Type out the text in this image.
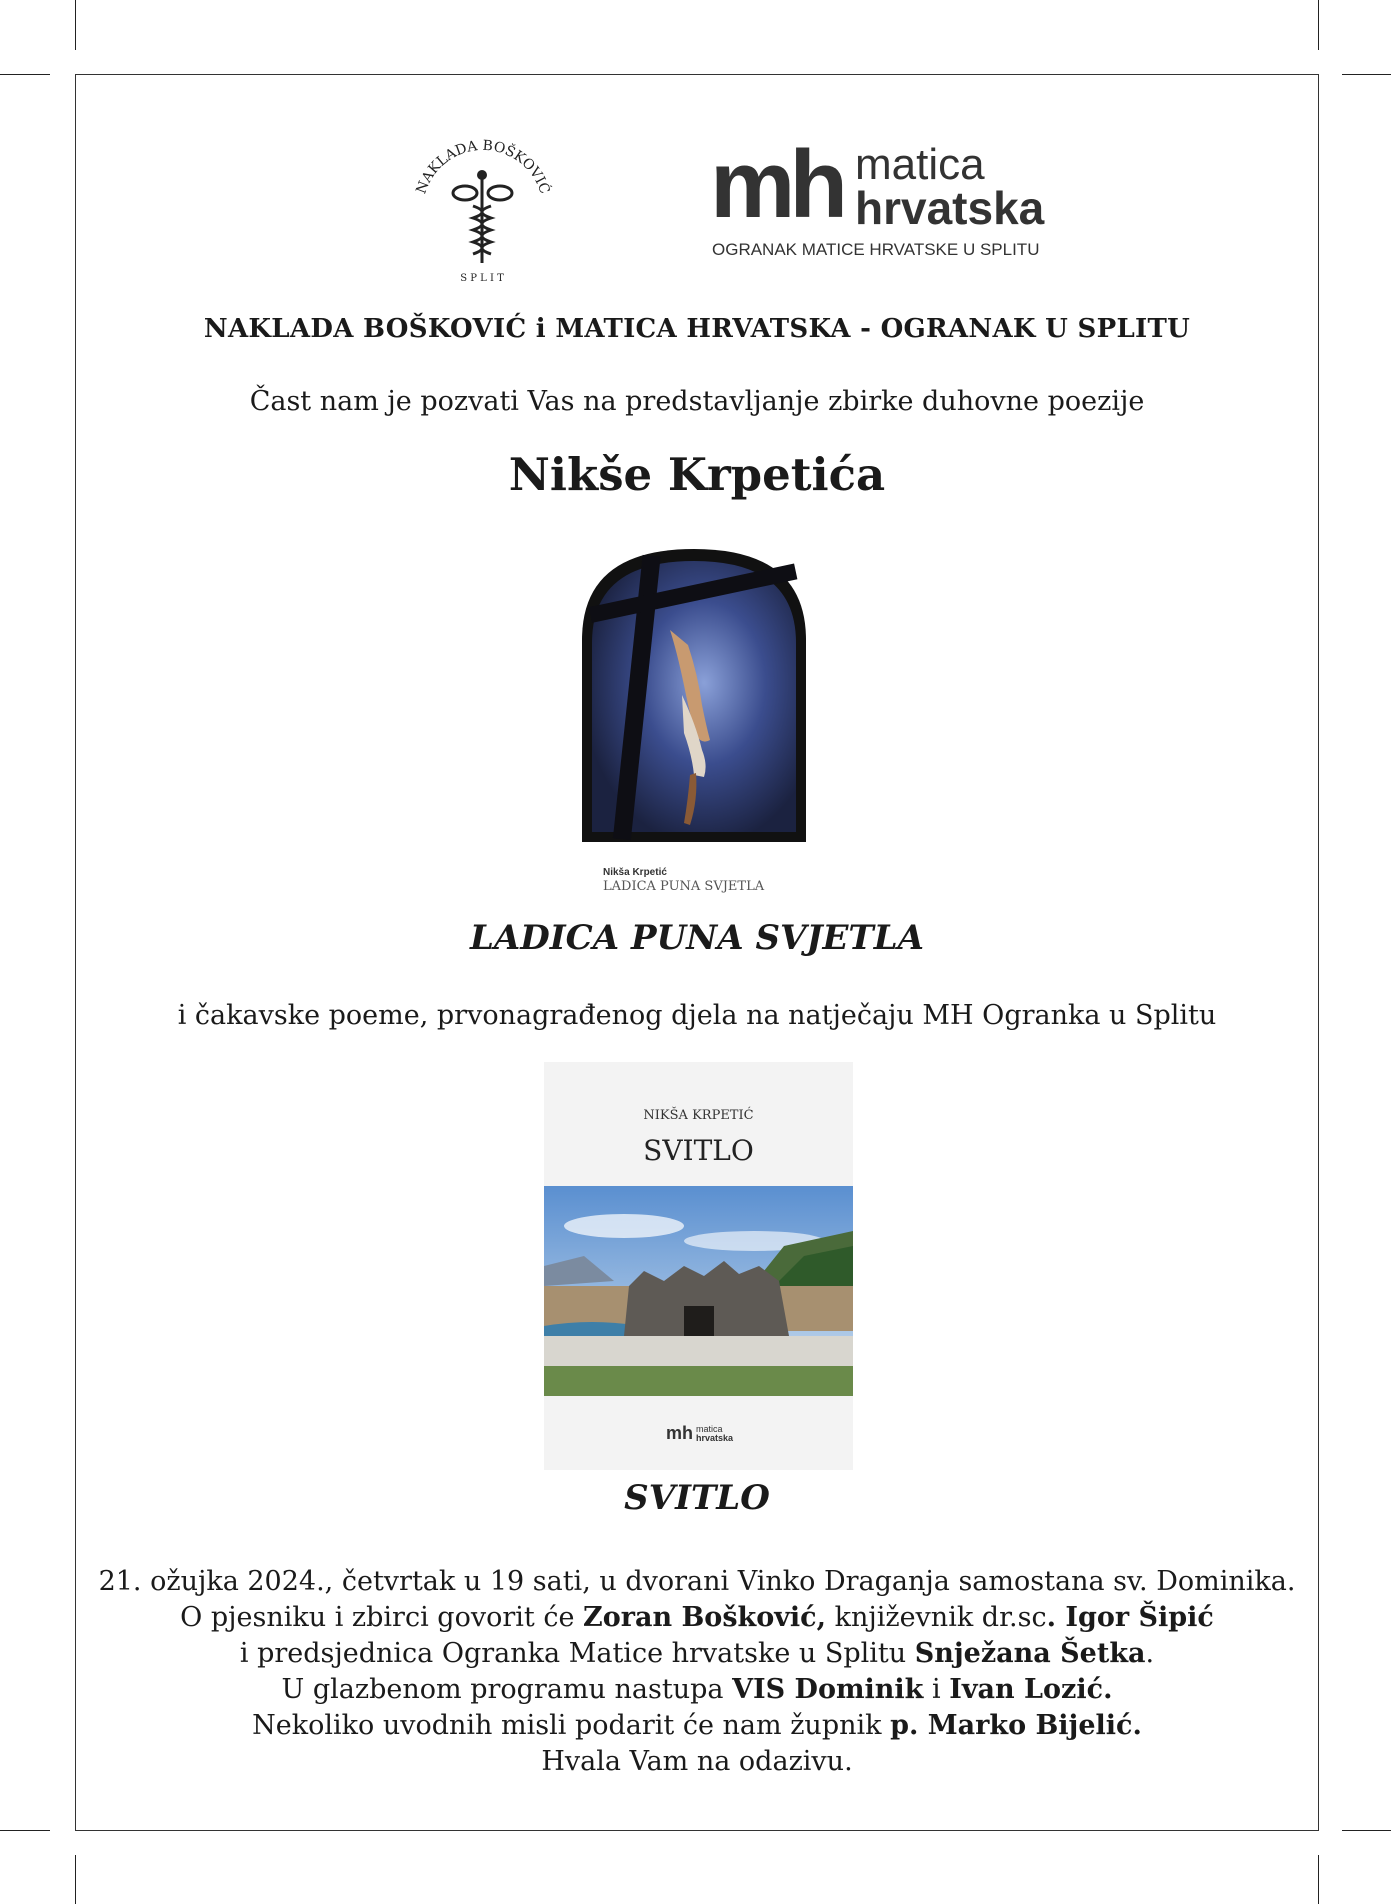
NAKLADA BOŠKOVIĆ
S P L I T
mh matica
hrvatska
OGRANAK MATICE HRVATSKE U SPLITU
NAKLADA BOŠKOVIĆ i MATICA HRVATSKA - OGRANAK U SPLITU
Čast nam je pozvati Vas na predstavljanje zbirke duhovne poezije
Nikše Krpetića
Nikša Krpetić
LADICA PUNA SVJETLA
LADICA PUNA SVJETLA
i čakavske poeme, prvonagrađenog djela na natječaju MH Ogranka u Splitu
NIKŠA KRPETIĆ
SVITLO
mh matica
hrvatska
SVITLO
21. ožujka 2024., četvrtak u 19 sati, u dvorani Vinko Draganja samostana sv. Dominika.
O pjesniku i zbirci govorit će Zoran Bošković, književnik dr.sc. Igor Šipić
i predsjednica Ogranka Matice hrvatske u Splitu Snježana Šetka.
U glazbenom programu nastupa VIS Dominik i Ivan Lozić.
Nekoliko uvodnih misli podarit će nam župnik p. Marko Bijelić.
Hvala Vam na odazivu.
